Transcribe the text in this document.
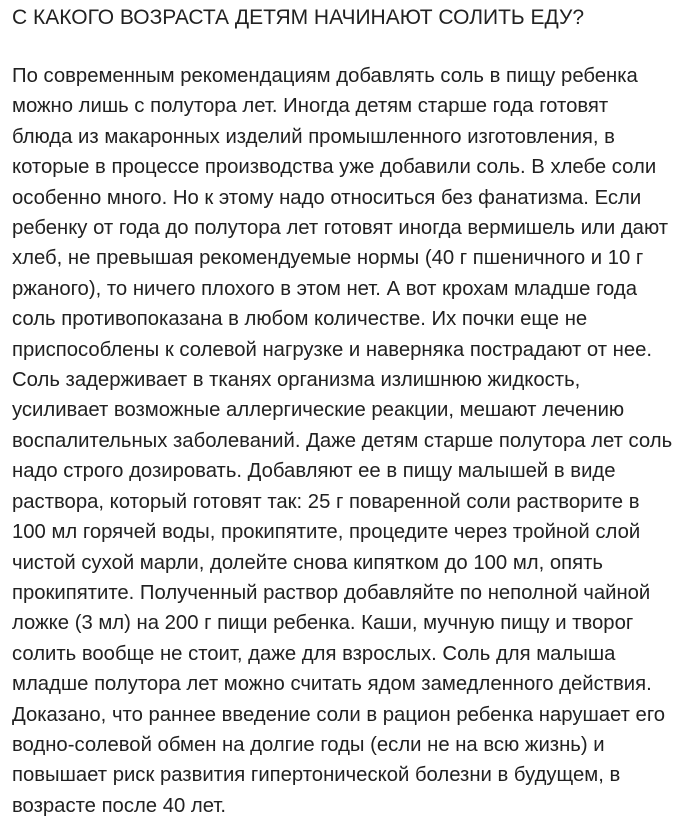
С КАКОГО ВОЗРАСТА ДЕТЯМ НАЧИНАЮТ СОЛИТЬ ЕДУ?
По современным рекомендациям добавлять соль в пищу ребенка
можно лишь с полутора лет. Иногда детям старше года готовят
блюда из макаронных изделий промышленного изготовления, в
которые в процессе производства уже добавили соль. В хлебе соли
особенно много. Но к этому надо относиться без фанатизма. Если
ребенку от года до полутора лет готовят иногда вермишель или дают
хлеб, не превышая рекомендуемые нормы (40 г пшеничного и 10 г
ржаного), то ничего плохого в этом нет. А вот крохам младше года
соль противопоказана в любом количестве. Их почки еще не
приспособлены к солевой нагрузке и наверняка пострадают от нее.
Соль задерживает в тканях организма излишнюю жидкость,
усиливает возможные аллергические реакции, мешают лечению
воспалительных заболеваний. Даже детям старше полутора лет соль
надо строго дозировать. Добавляют ее в пищу малышей в виде
раствора, который готовят так: 25 г поваренной соли растворите в
100 мл горячей воды, прокипятите, процедите через тройной слой
чистой сухой марли, долейте снова кипятком до 100 мл, опять
прокипятите. Полученный раствор добавляйте по неполной чайной
ложке (3 мл) на 200 г пищи ребенка. Каши, мучную пищу и творог
солить вообще не стоит, даже для взрослых. Соль для малыша
младше полутора лет можно считать ядом замедленного действия.
Доказано, что раннее введение соли в рацион ребенка нарушает его
водно-солевой обмен на долгие годы (если не на всю жизнь) и
повышает риск развития гипертонической болезни в будущем, в
возрасте после 40 лет.
